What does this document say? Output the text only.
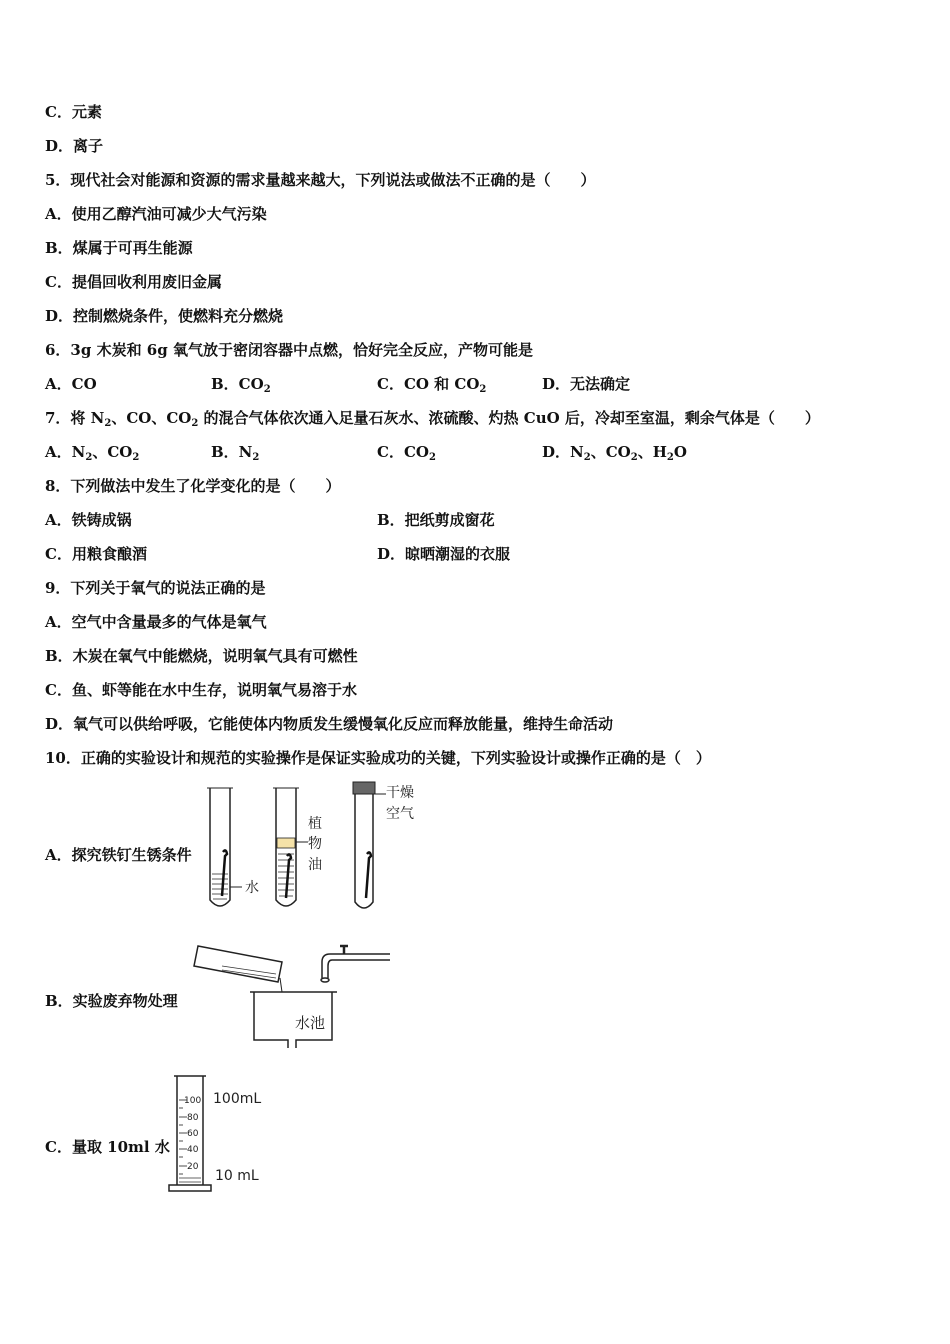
C．元素
D．离子
5．现代社会对能源和资源的需求量越来越大，下列说法或做法不正确的是（　　）
A．使用乙醇汽油可减少大气污染
B．煤属于可再生能源
C．提倡回收利用废旧金属
D．控制燃烧条件，使燃料充分燃烧
6．3g 木炭和 6g 氧气放于密闭容器中点燃，恰好完全反应，产物可能是
A．CO	B．$CO_2$	C．CO 和 $CO_2$	D．无法确定
7．将 $N_2$、CO、$CO_2$ 的混合气体依次通入足量石灰水、浓硫酸、灼热 CuO 后，冷却至室温，剩余气体是（　　）
A．$N_2$、$CO_2$	B．$N_2$	C．$CO_2$	D．$N_2$、$CO_2$、$H_2O$
8．下列做法中发生了化学变化的是（　　）
A．铁铸成锅	B．把纸剪成窗花
C．用粮食酿酒	D．晾晒潮湿的衣服
9．下列关于氧气的说法正确的是
A．空气中含量最多的气体是氧气
B．木炭在氧气中能燃烧，说明氧气具有可燃性
C．鱼、虾等能在水中生存，说明氧气易溶于水
D．氧气可以供给呼吸，它能使体内物质发生缓慢氧化反应而释放能量，维持生命活动
10．正确的实验设计和规范的实验操作是保证实验成功的关键，下列实验设计或操作正确的是（　）
A．探究铁钉生锈条件
B．实验废弃物处理
C．量取 10ml 水
水
植
物
油
干燥
空气
水池
100
80
60
40
20
100mL
10 mL
